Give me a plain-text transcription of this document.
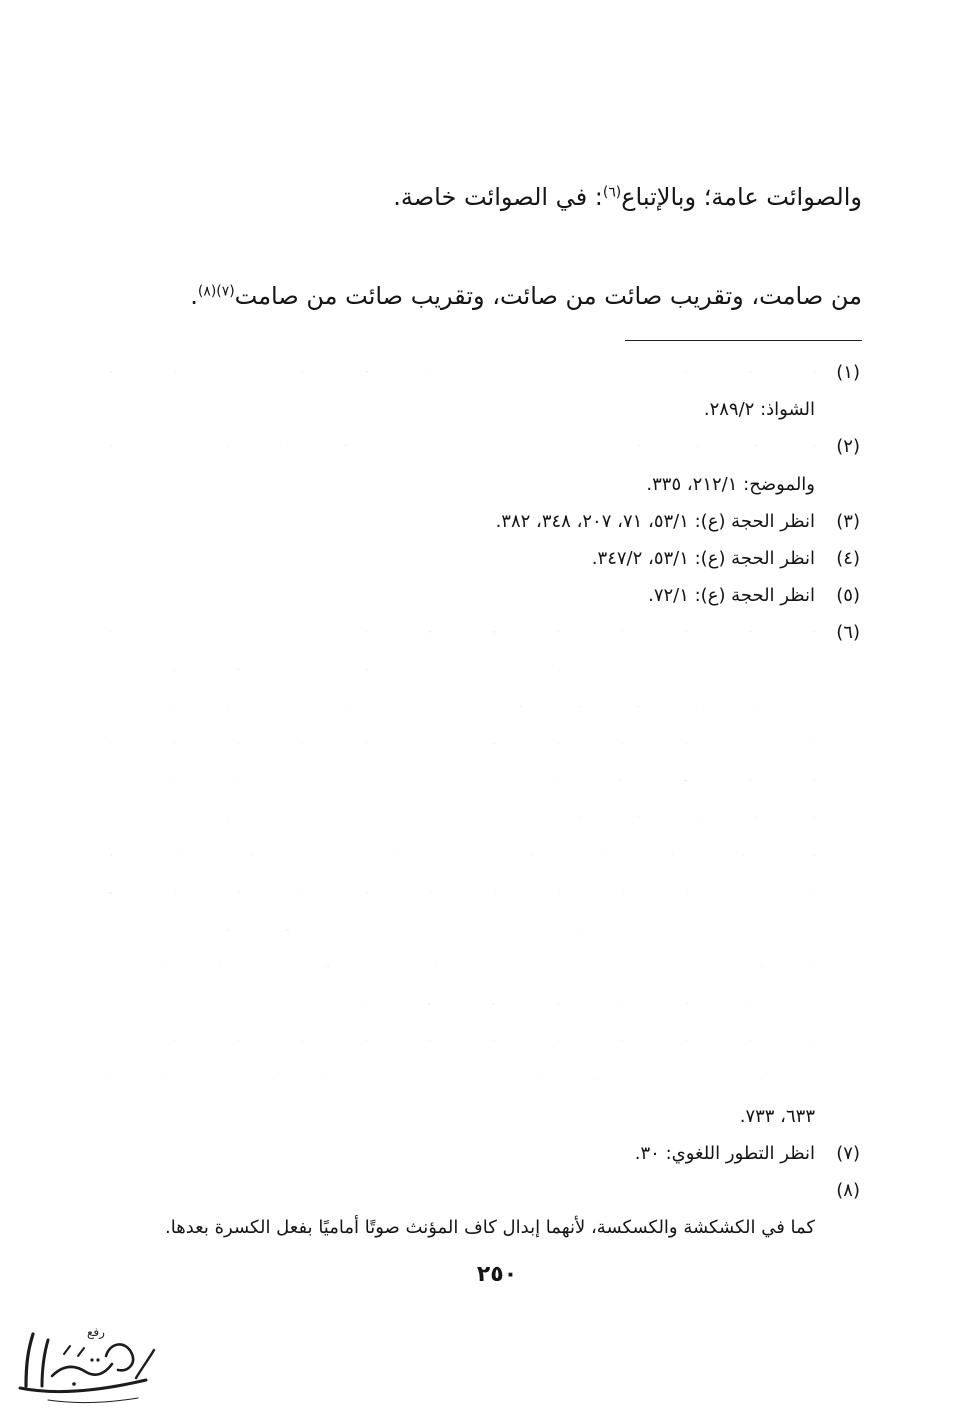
والصوائت عامة؛ وبالإتباع$^{(٦)}$: في الصوائت خاصة.
من صامت، وتقريب صائت من صائت، وتقريب صائت من صامت$^{(٧)(٨)}$.
(١)
الشواذ: ٢٨٩/٢.
(٢)
والموضح: ٢١٢/١، ٣٣٥.
(٣)
انظر الحجة (ع): ٥٣/١، ٧١، ٢٠٧، ٣٤٨، ٣٨٢.
(٤)
انظر الحجة (ع): ٥٣/١، ٣٤٧/٢.
(٥)
انظر الحجة (ع): ٧٢/١.
(٦)
٦٣٣، ٧٣٣.
(٧)
انظر التطور اللغوي: ٣٠.
(٨)
كما في الكشكشة والكسكسة، لأنهما إبدال كاف المؤنث صوتًا أماميًا بفعل الكسرة بعدها.
٢٥٠
رفع
